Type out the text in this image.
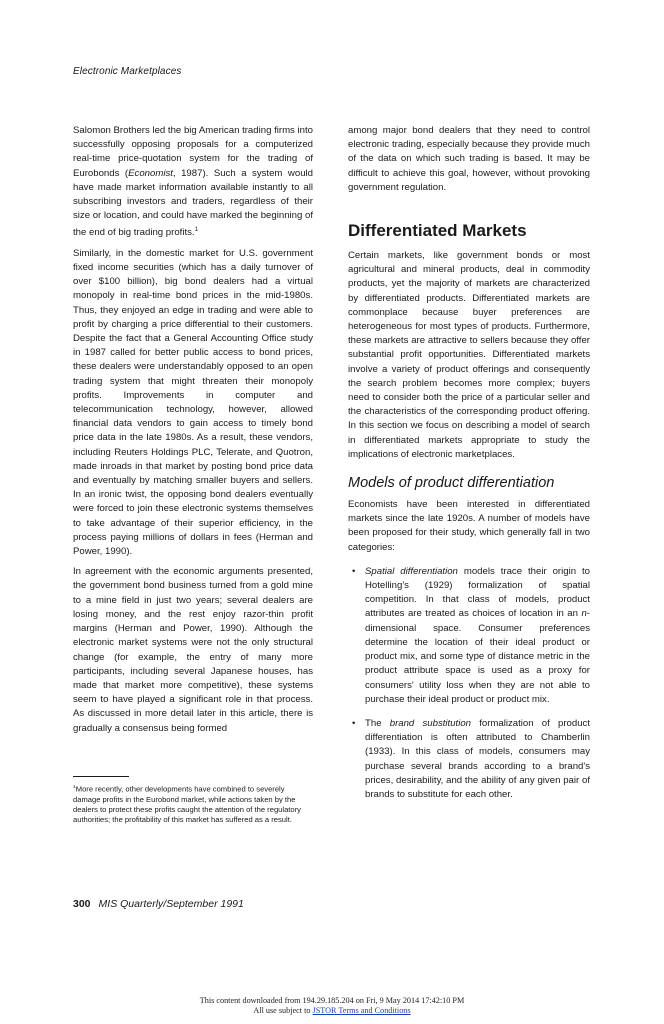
Electronic Marketplaces

Salomon Brothers led the big American trading firms into successfully opposing proposals for a computerized real-time price-quotation system for the trading of Eurobonds (Economist, 1987). Such a system would have made market information available instantly to all subscribing investors and traders, regardless of their size or location, and could have marked the beginning of the end of big trading profits.$^1$

Similarly, in the domestic market for U.S. government fixed income securities (which has a daily turnover of over $100 billion), big bond dealers had a virtual monopoly in real-time bond prices in the mid-1980s. Thus, they enjoyed an edge in trading and were able to profit by charging a price differential to their customers. Despite the fact that a General Accounting Office study in 1987 called for better public access to bond prices, these dealers were understandably opposed to an open trading system that might threaten their monopoly profits. Improvements in computer and telecommunication technology, however, allowed financial data vendors to gain access to timely bond price data in the late 1980s. As a result, these vendors, including Reuters Holdings PLC, Telerate, and Quotron, made inroads in that market by posting bond price data and eventually by matching smaller buyers and sellers. In an ironic twist, the opposing bond dealers eventually were forced to join these electronic systems themselves to take advantage of their superior efficiency, in the process paying millions of dollars in fees (Herman and Power, 1990).

In agreement with the economic arguments presented, the government bond business turned from a gold mine to a mine field in just two years; several dealers are losing money, and the rest enjoy razor-thin profit margins (Herman and Power, 1990). Although the electronic market systems were not the only structural change (for example, the entry of many more participants, including several Japanese houses, has made that market more competitive), these systems seem to have played a significant role in that process. As discussed in more detail later in this article, there is gradually a consensus being formed

$^1$More recently, other developments have combined to severely damage profits in the Eurobond market, while actions taken by the dealers to protect these profits caught the attention of the regulatory authorities; the profitability of this market has suffered as a result.

among major bond dealers that they need to control electronic trading, especially because they provide much of the data on which such trading is based. It may be difficult to achieve this goal, however, without provoking government regulation.

Differentiated Markets

Certain markets, like government bonds or most agricultural and mineral products, deal in commodity products, yet the majority of markets are characterized by differentiated products. Differentiated markets are commonplace because buyer preferences are heterogeneous for most types of products. Furthermore, these markets are attractive to sellers because they offer substantial profit opportunities. Differentiated markets involve a variety of product offerings and consequently the search problem becomes more complex; buyers need to consider both the price of a particular seller and the characteristics of the corresponding product offering. In this section we focus on describing a model of search in differentiated markets appropriate to study the implications of electronic marketplaces.

Models of product differentiation

Economists have been interested in differentiated markets since the late 1920s. A number of models have been proposed for their study, which generally fall in two categories:

• Spatial differentiation models trace their origin to Hotelling's (1929) formalization of spatial competition. In that class of models, product attributes are treated as choices of location in an n-dimensional space. Consumer preferences determine the location of their ideal product or product mix, and some type of distance metric in the product attribute space is used as a proxy for consumers' utility loss when they are not able to purchase their ideal product or product mix.
• The brand substitution formalization of product differentiation is often attributed to Chamberlin (1933). In this class of models, consumers may purchase several brands according to a brand's prices, desirability, and the ability of any given pair of brands to substitute for each other.
300 MIS Quarterly/September 1991
This content downloaded from 194.29.185.204 on Fri, 9 May 2014 17:42:10 PM
All use subject to JSTOR Terms and Conditions
